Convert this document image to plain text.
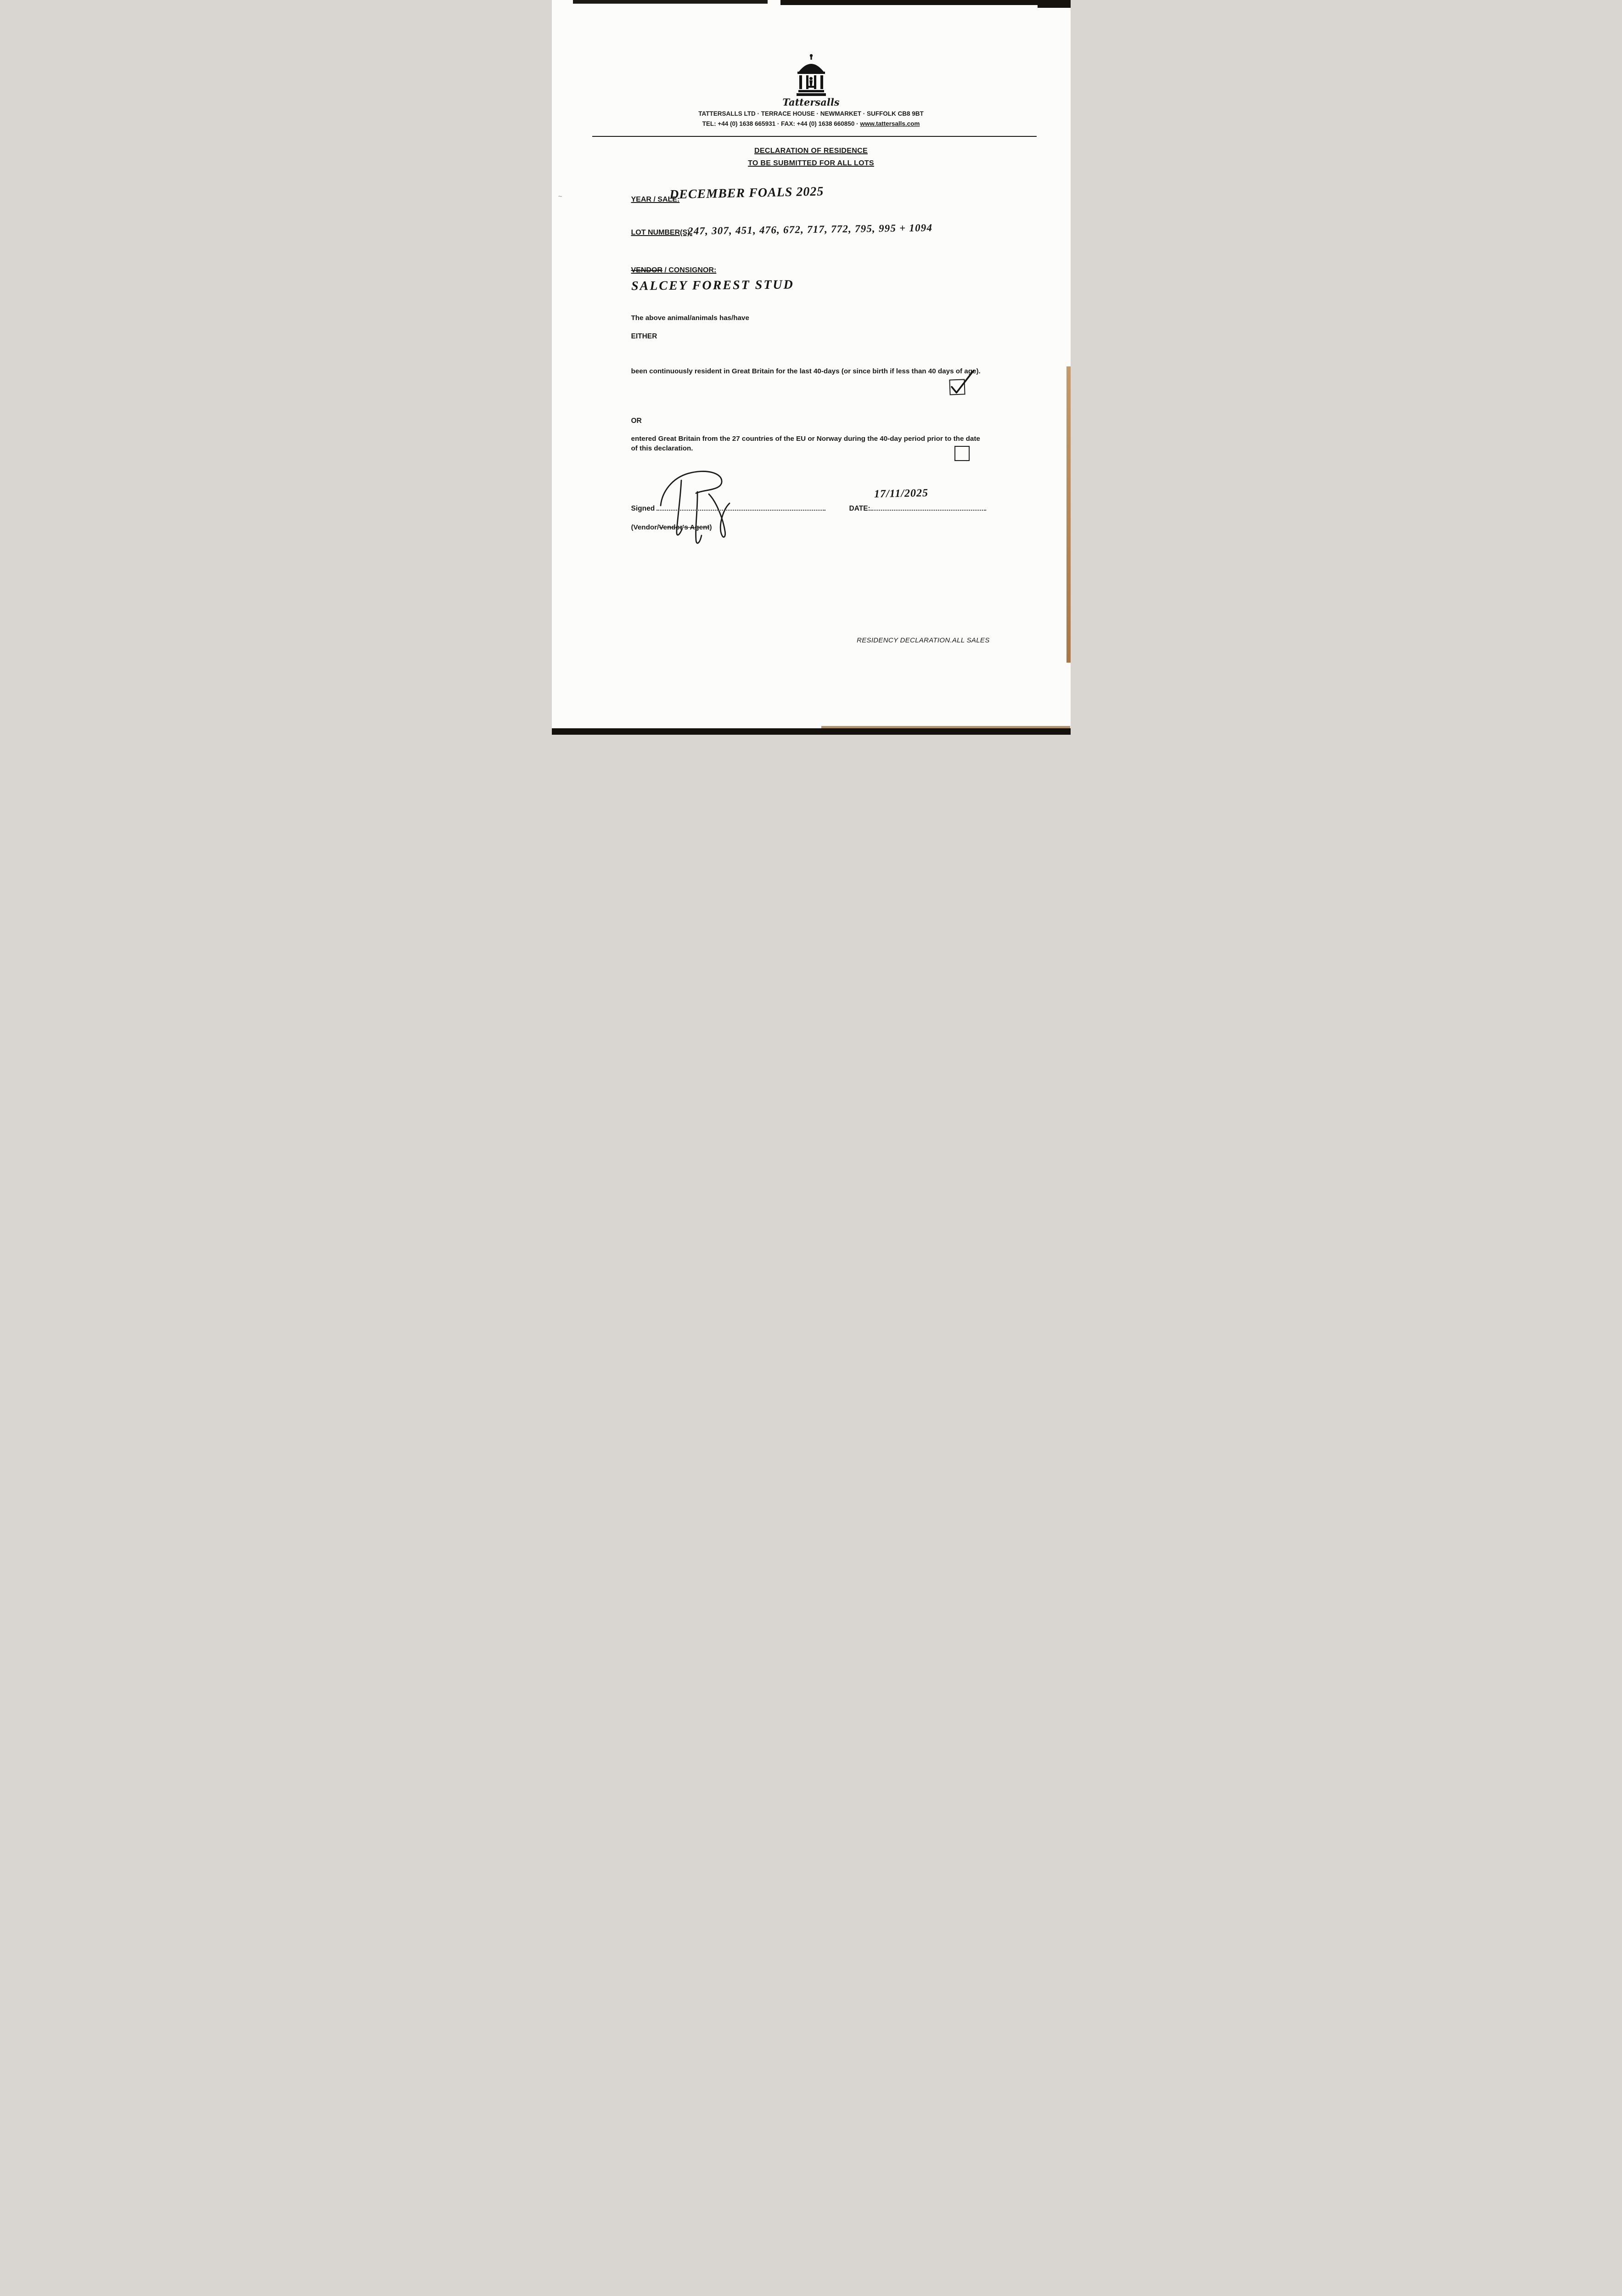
~
Tattersalls
TATTERSALLS LTD · TERRACE HOUSE · NEWMARKET · SUFFOLK CB8 9BT
TEL: +44 (0) 1638 665931 · FAX: +44 (0) 1638 660850 · www.tattersalls.com
DECLARATION OF RESIDENCE
TO BE SUBMITTED FOR ALL LOTS
YEAR / SALE:
DECEMBER FOALS 2025
LOT NUMBER(S):
247, 307, 451, 476, 672, 717, 772, 795, 995 + 1094
VENDOR / CONSIGNOR:
SALCEY FOREST STUD
The above animal/animals has/have
EITHER
been continuously resident in Great Britain for the last 40-days (or since birth if less than 40 days of age).
OR
entered Great Britain from the 27 countries of the EU or Norway during the 40-day period prior to the date of this declaration.
Signed	DATE:
17/11/2025
(Vendor/Vendor's Agent)
RESIDENCY DECLARATION.ALL SALES
